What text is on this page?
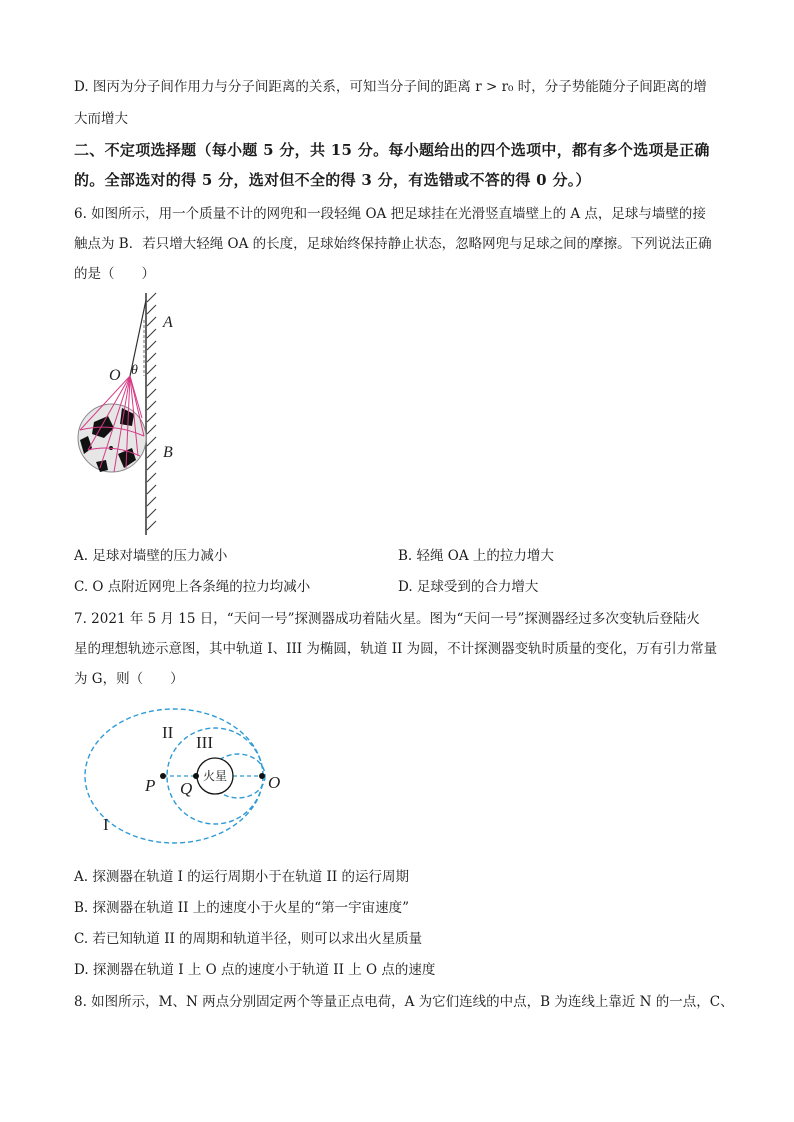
D. 图丙为分子间作用力与分子间距离的关系，可知当分子间的距离 r > r₀ 时，分子势能随分子间距离的增
大而增大
二、不定项选择题（每小题 5 分，共 15 分。每小题给出的四个选项中，都有多个选项是正确
的。全部选对的得 5 分，选对但不全的得 3 分，有选错或不答的得 0 分。）
6. 如图所示，用一个质量不计的网兜和一段轻绳 OA 把足球挂在光滑竖直墙壁上的 A 点，足球与墙壁的接
触点为 B．若只增大轻绳 OA 的长度，足球始终保持静止状态，忽略网兜与足球之间的摩擦。下列说法正确
的是（　　）
A
O θ
B
A. 足球对墙壁的压力减小	B. 轻绳 OA 上的拉力增大
C. O 点附近网兜上各条绳的拉力均减小	D. 足球受到的合力增大
7. 2021 年 5 月 15 日，“天问一号”探测器成功着陆火星。图为“天问一号”探测器经过多次变轨后登陆火
星的理想轨迹示意图，其中轨道 I、III 为椭圆，轨道 II 为圆，不计探测器变轨时质量的变化，万有引力常量
为 G，则（　　）
火星
II
III
P Q	O
I
A. 探测器在轨道 I 的运行周期小于在轨道 II 的运行周期
B. 探测器在轨道 II 上的速度小于火星的“第一宇宙速度”
C. 若已知轨道 II 的周期和轨道半径，则可以求出火星质量
D. 探测器在轨道 I 上 O 点的速度小于轨道 II 上 O 点的速度
8. 如图所示，M、N 两点分别固定两个等量正点电荷，A 为它们连线的中点，B 为连线上靠近 N 的一点，C、
